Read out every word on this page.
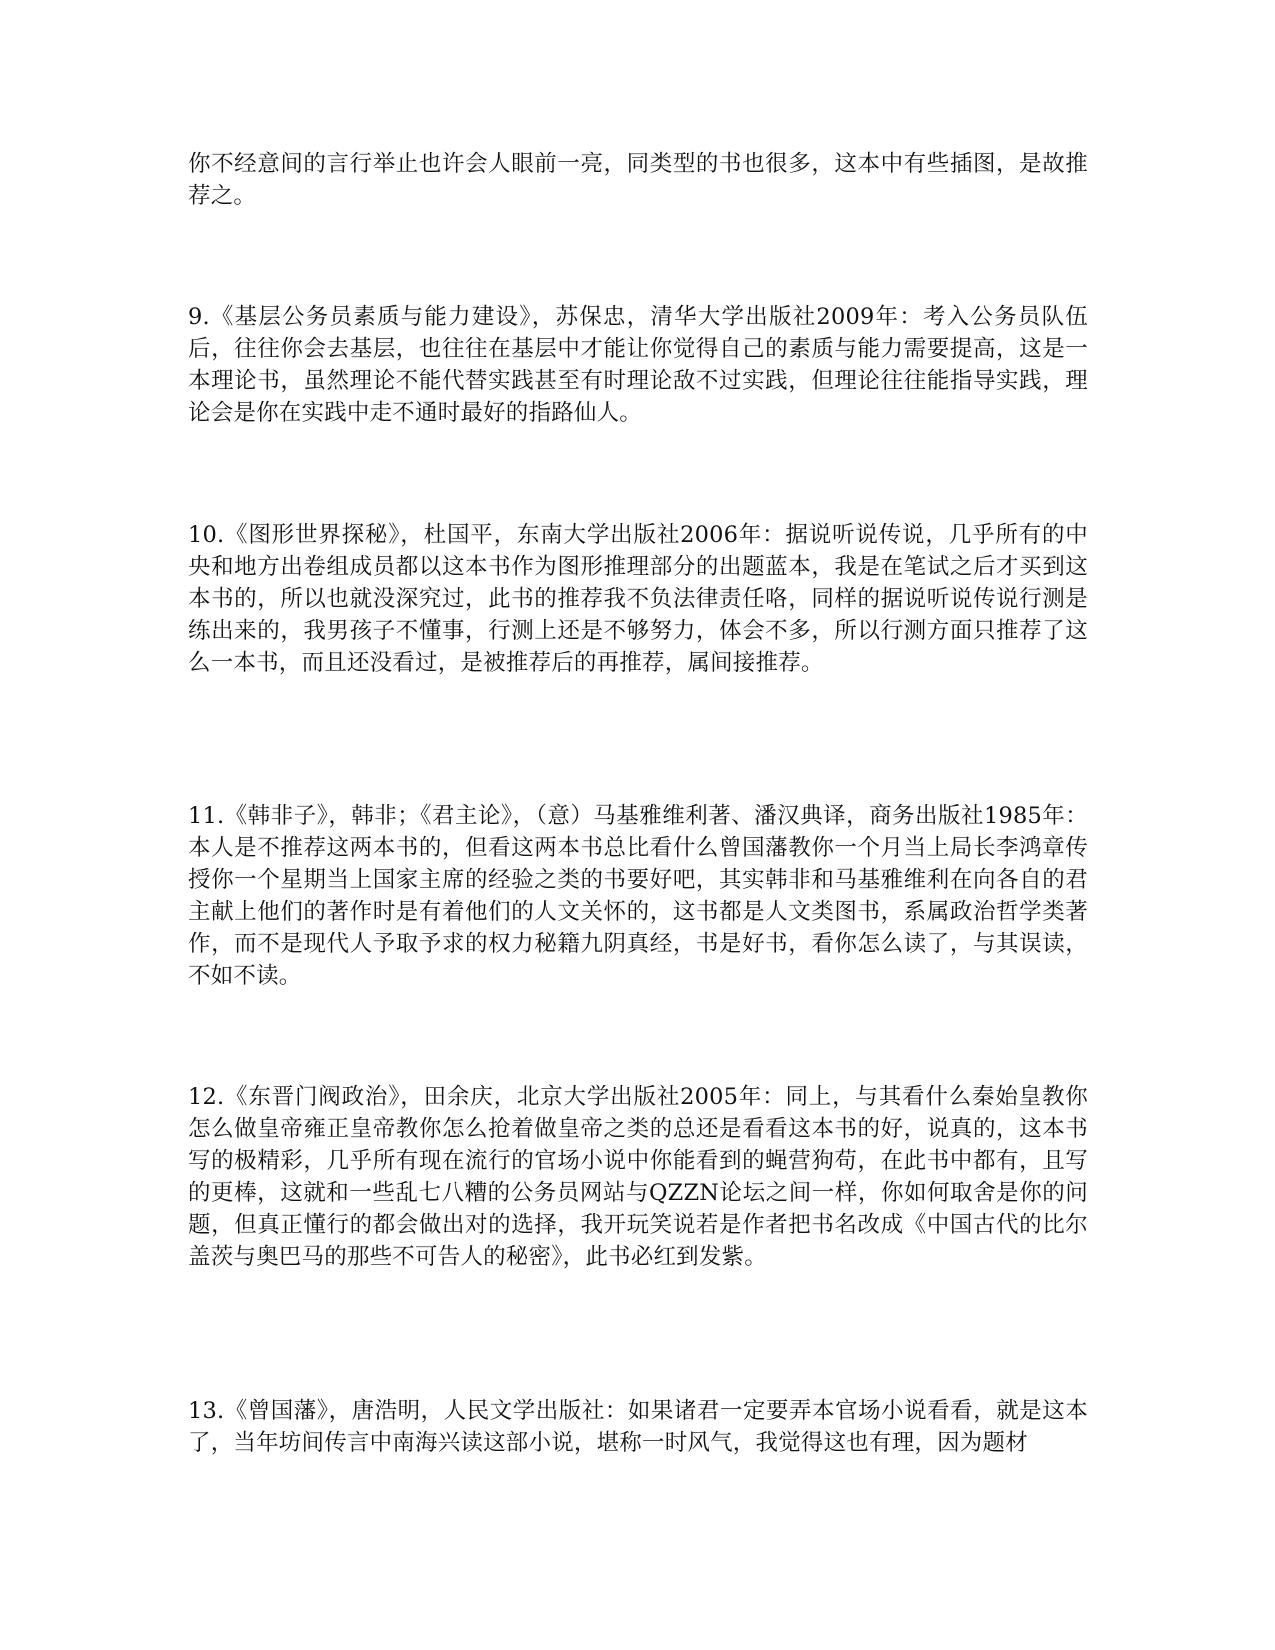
你不经意间的言行举止也许会人眼前一亮，同类型的书也很多，这本中有些插图，是故推荐之。

9.《基层公务员素质与能力建设》，苏保忠，清华大学出版社2009年：考入公务员队伍后，往往你会去基层，也往往在基层中才能让你觉得自己的素质与能力需要提高，这是一本理论书，虽然理论不能代替实践甚至有时理论敌不过实践，但理论往往能指导实践，理论会是你在实践中走不通时最好的指路仙人。

10.《图形世界探秘》，杜国平，东南大学出版社2006年：据说听说传说，几乎所有的中央和地方出卷组成员都以这本书作为图形推理部分的出题蓝本，我是在笔试之后才买到这本书的，所以也就没深究过，此书的推荐我不负法律责任咯，同样的据说听说传说行测是练出来的，我男孩子不懂事，行测上还是不够努力，体会不多，所以行测方面只推荐了这么一本书，而且还没看过，是被推荐后的再推荐，属间接推荐。

11.《韩非子》，韩非；《君主论》，（意）马基雅维利著、潘汉典译，商务出版社1985年：本人是不推荐这两本书的，但看这两本书总比看什么曾国藩教你一个月当上局长李鸿章传授你一个星期当上国家主席的经验之类的书要好吧，其实韩非和马基雅维利在向各自的君主献上他们的著作时是有着他们的人文关怀的，这书都是人文类图书，系属政治哲学类著作，而不是现代人予取予求的权力秘籍九阴真经，书是好书，看你怎么读了，与其误读，不如不读。

12.《东晋门阀政治》，田余庆，北京大学出版社2005年：同上，与其看什么秦始皇教你怎么做皇帝雍正皇帝教你怎么抢着做皇帝之类的总还是看看这本书的好，说真的，这本书写的极精彩，几乎所有现在流行的官场小说中你能看到的蝇营狗苟，在此书中都有，且写的更棒，这就和一些乱七八糟的公务员网站与QZZN论坛之间一样，你如何取舍是你的问题，但真正懂行的都会做出对的选择，我开玩笑说若是作者把书名改成《中国古代的比尔盖茨与奥巴马的那些不可告人的秘密》，此书必红到发紫。

13.《曾国藩》，唐浩明，人民文学出版社：如果诸君一定要弄本官场小说看看，就是这本了，当年坊间传言中南海兴读这部小说，堪称一时风气，我觉得这也有理，因为题材
